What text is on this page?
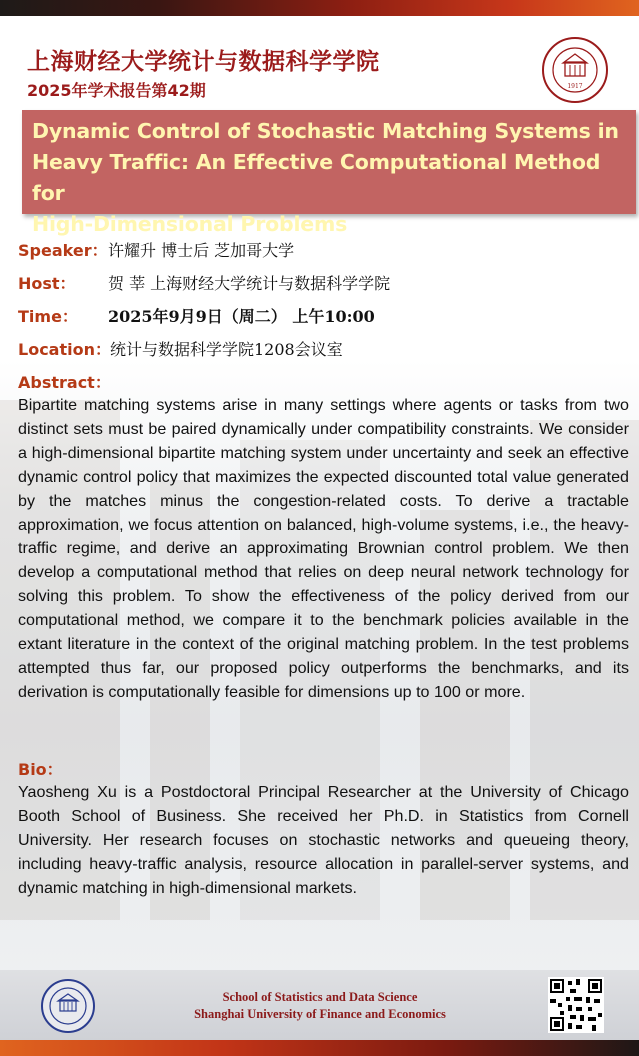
上海财经大学统计与数据科学学院
2025年学术报告第42期	1917

Dynamic Control of Stochastic Matching Systems in
Heavy Traffic: An Effective Computational Method for
High-Dimensional Problems

Speaker： 许耀升 博士后 芝加哥大学
Host： 贺 莘 上海财经大学统计与数据科学学院
Time： 2025年9月9日（周二） 上午10:00
Location： 统计与数据科学学院1208会议室
Abstract：

Bipartite matching systems arise in many settings where agents or tasks from two distinct sets must be paired dynamically under compatibility constraints. We consider a high-dimensional bipartite matching system under uncertainty and seek an effective dynamic control policy that maximizes the expected discounted total value generated by the matches minus the congestion-related costs. To derive a tractable approximation, we focus attention on balanced, high-volume systems, i.e., the heavy-traffic regime, and derive an approximating Brownian control problem. We then develop a computational method that relies on deep neural network technology for solving this problem. To show the effectiveness of the policy derived from our computational method, we compare it to the benchmark policies available in the extant literature in the context of the original matching problem. In the test problems attempted thus far, our proposed policy outperforms the benchmarks, and its derivation is computationally feasible for dimensions up to 100 or more.

Bio：

Yaosheng Xu is a Postdoctoral Principal Researcher at the University of Chicago Booth School of Business. She received her Ph.D. in Statistics from Cornell University. Her research focuses on stochastic networks and queueing theory, including heavy-traffic analysis, resource allocation in parallel-server systems, and dynamic matching in high-dimensional markets.

School of Statistics and Data Science
Shanghai University of Finance and Economics
